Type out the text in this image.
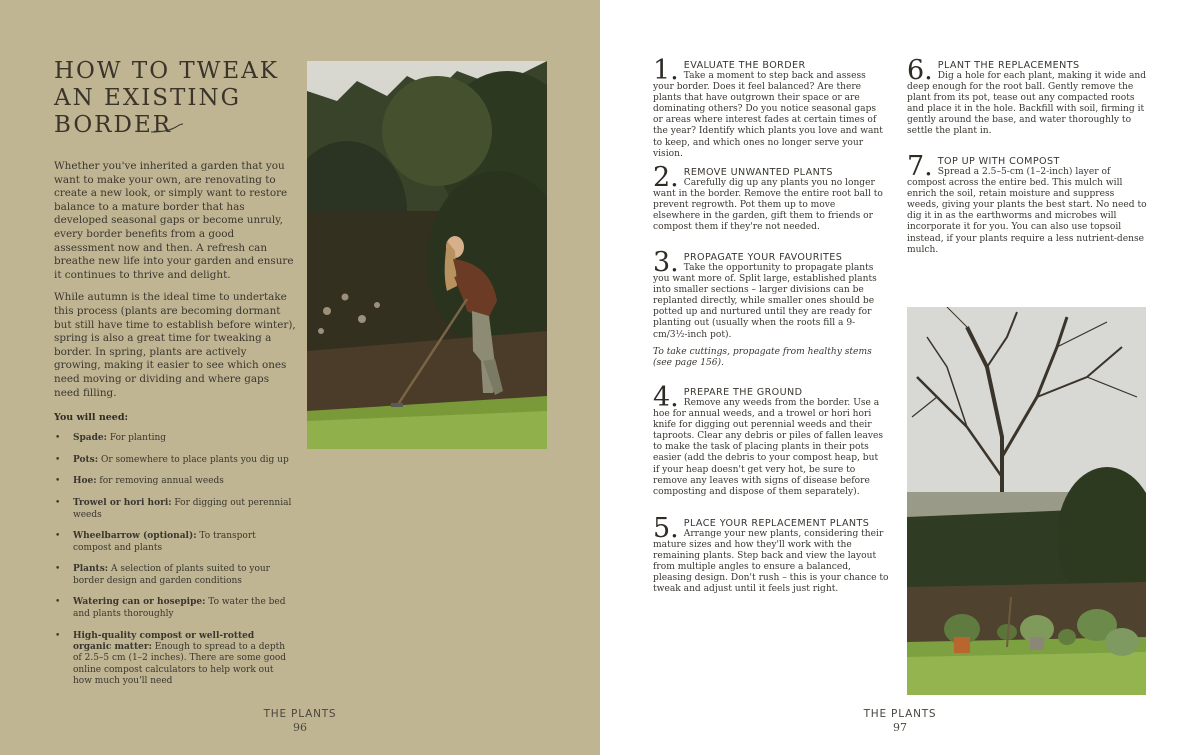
HOW TO TWEAK
AN EXISTING
BORDER

Whether you've inherited a garden that you want to make your own, are renovating to create a new look, or simply want to restore balance to a mature border that has developed seasonal gaps or become unruly, every border benefits from a good assessment now and then. A refresh can breathe new life into your garden and ensure it continues to thrive and delight.

While autumn is the ideal time to undertake this process (plants are becoming dormant but still have time to establish before winter), spring is also a great time for tweaking a border. In spring, plants are actively growing, making it easier to see which ones need moving or dividing and where gaps need filling.

You will need:
• Spade: For planting
• Pots: Or somewhere to place plants you dig up
• Hoe: for removing annual weeds
• Trowel or hori hori: For digging out perennial weeds
• Wheelbarrow (optional): To transport compost and plants
• Plants: A selection of plants suited to your border design and garden conditions
• Watering can or hosepipe: To water the bed and plants thoroughly
• High-quality compost or well-rotted organic matter: Enough to spread to a depth of 2.5–5 cm (1–2 inches). There are some good online compost calculators to help work out how much you'll need
THE PLANTS
96
1. EVALUATE THE BORDER
Take a moment to step back and assess your border. Does it feel balanced? Are there plants that have outgrown their space or are dominating others? Do you notice seasonal gaps or areas where interest fades at certain times of the year? Identify which plants you love and want to keep, and which ones no longer serve your vision.
2. REMOVE UNWANTED PLANTS
Carefully dig up any plants you no longer want in the border. Remove the entire root ball to prevent regrowth. Pot them up to move elsewhere in the garden, gift them to friends or compost them if they're not needed.
3. PROPAGATE YOUR FAVOURITES
Take the opportunity to propagate plants you want more of. Split large, established plants into smaller sections – larger divisions can be replanted directly, while smaller ones should be potted up and nurtured until they are ready for planting out (usually when the roots fill a 9-cm/3½-inch pot).
To take cuttings, propagate from healthy stems (see page 156).
4. PREPARE THE GROUND
Remove any weeds from the border. Use a hoe for annual weeds, and a trowel or hori hori knife for digging out perennial weeds and their taproots. Clear any debris or piles of fallen leaves to make the task of placing plants in their pots easier (add the debris to your compost heap, but if your heap doesn't get very hot, be sure to remove any leaves with signs of disease before composting and dispose of them separately).
5. PLACE YOUR REPLACEMENT PLANTS
Arrange your new plants, considering their mature sizes and how they'll work with the remaining plants. Step back and view the layout from multiple angles to ensure a balanced, pleasing design. Don't rush – this is your chance to tweak and adjust until it feels just right.
6. PLANT THE REPLACEMENTS
Dig a hole for each plant, making it wide and deep enough for the root ball. Gently remove the plant from its pot, tease out any compacted roots and place it in the hole. Backfill with soil, firming it gently around the base, and water thoroughly to settle the plant in.
7. TOP UP WITH COMPOST
Spread a 2.5–5-cm (1–2-inch) layer of compost across the entire bed. This mulch will enrich the soil, retain moisture and suppress weeds, giving your plants the best start. No need to dig it in as the earthworms and microbes will incorporate it for you. You can also use topsoil instead, if your plants require a less nutrient-dense mulch.
THE PLANTS
97
